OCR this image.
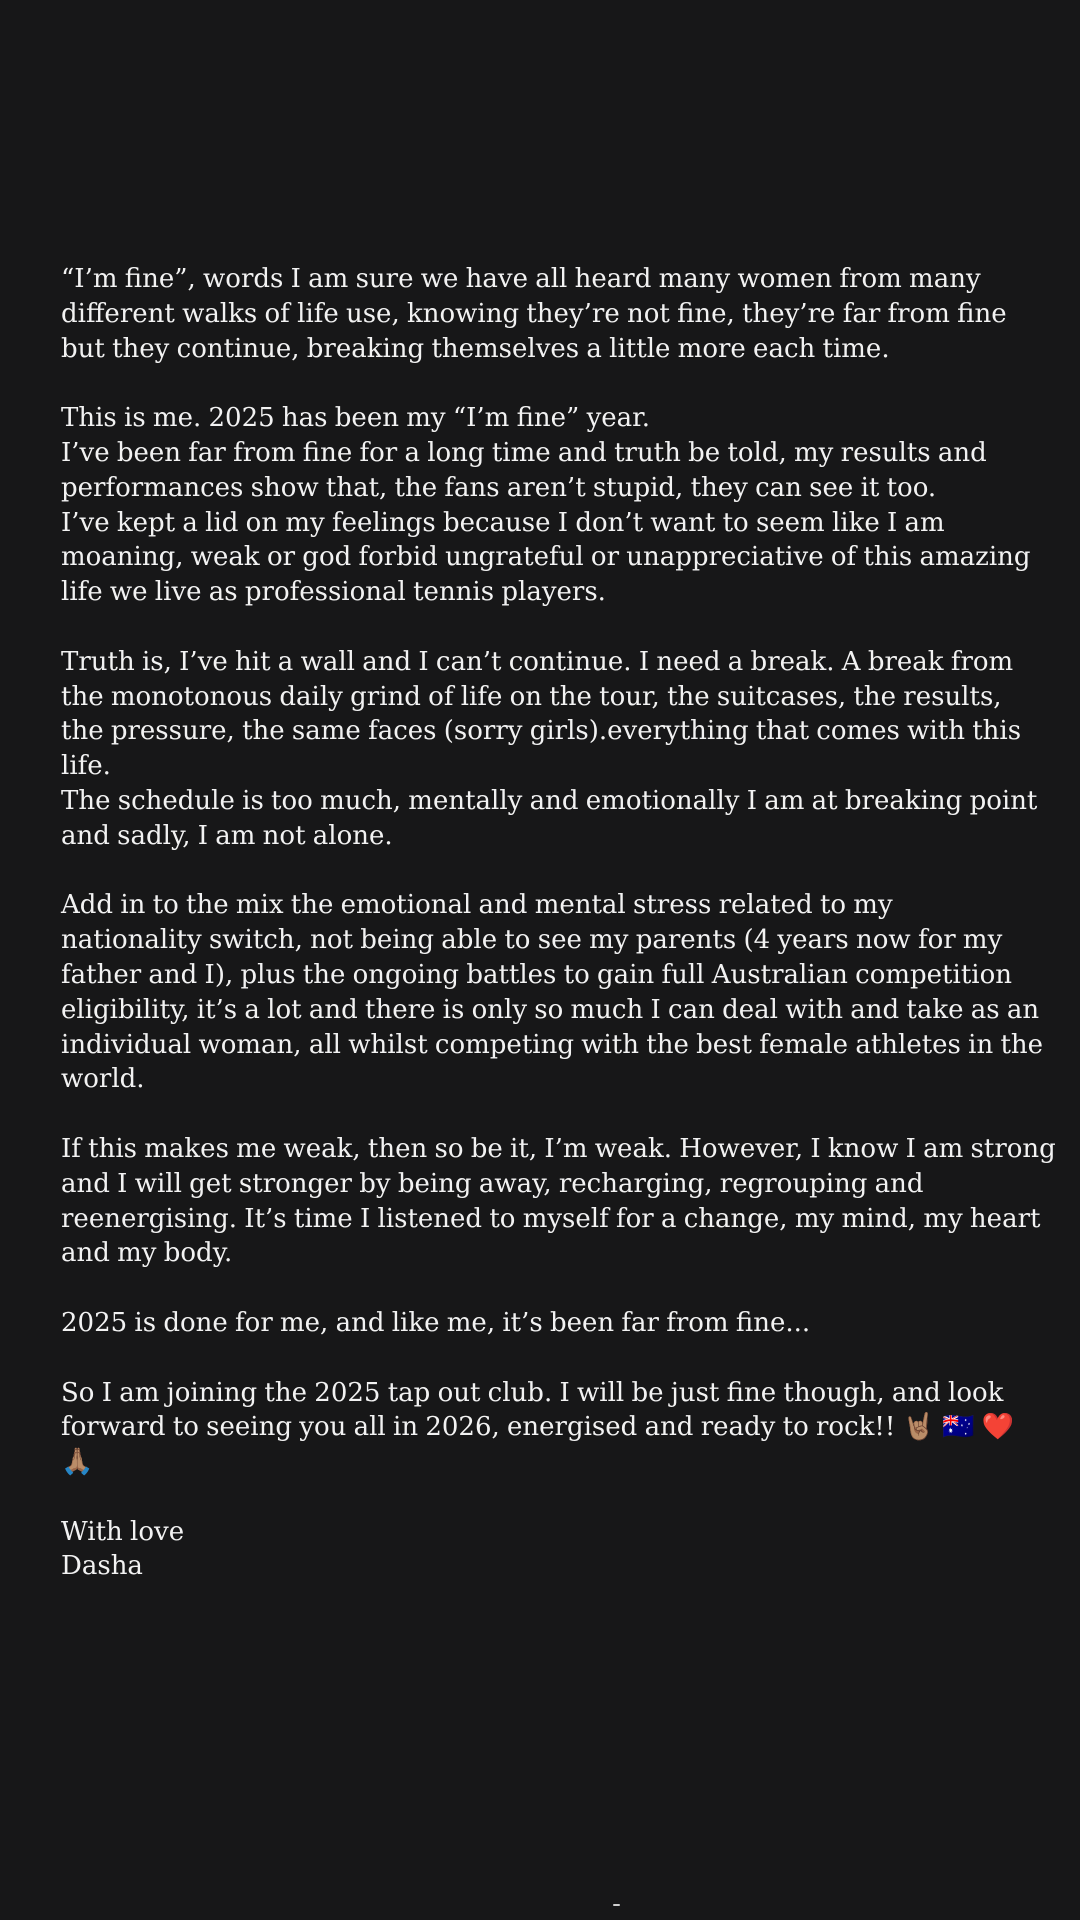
“I’m fine”, words I am sure we have all heard many women from many
different walks of life use, knowing they’re not fine, they’re far from fine
but they continue, breaking themselves a little more each time.

This is me. 2025 has been my “I’m fine” year.
I’ve been far from fine for a long time and truth be told, my results and
performances show that, the fans aren’t stupid, they can see it too.
I’ve kept a lid on my feelings because I don’t want to seem like I am
moaning, weak or god forbid ungrateful or unappreciative of this amazing
life we live as professional tennis players.

Truth is, I’ve hit a wall and I can’t continue. I need a break. A break from
the monotonous daily grind of life on the tour, the suitcases, the results,
the pressure, the same faces (sorry girls).everything that comes with this
life.
The schedule is too much, mentally and emotionally I am at breaking point
and sadly, I am not alone.

Add in to the mix the emotional and mental stress related to my
nationality switch, not being able to see my parents (4 years now for my
father and I), plus the ongoing battles to gain full Australian competition
eligibility, it’s a lot and there is only so much I can deal with and take as an
individual woman, all whilst competing with the best female athletes in the
world.

If this makes me weak, then so be it, I’m weak. However, I know I am strong
and I will get stronger by being away, recharging, regrouping and
reenergising. It’s time I listened to myself for a change, my mind, my heart
and my body.

2025 is done for me, and like me, it’s been far from fine...

So I am joining the 2025 tap out club. I will be just fine though, and look
forward to seeing you all in 2026, energised and ready to rock!! 🤘🏽 🇦🇺 ❤️
🙏🏽

With love
Dasha
